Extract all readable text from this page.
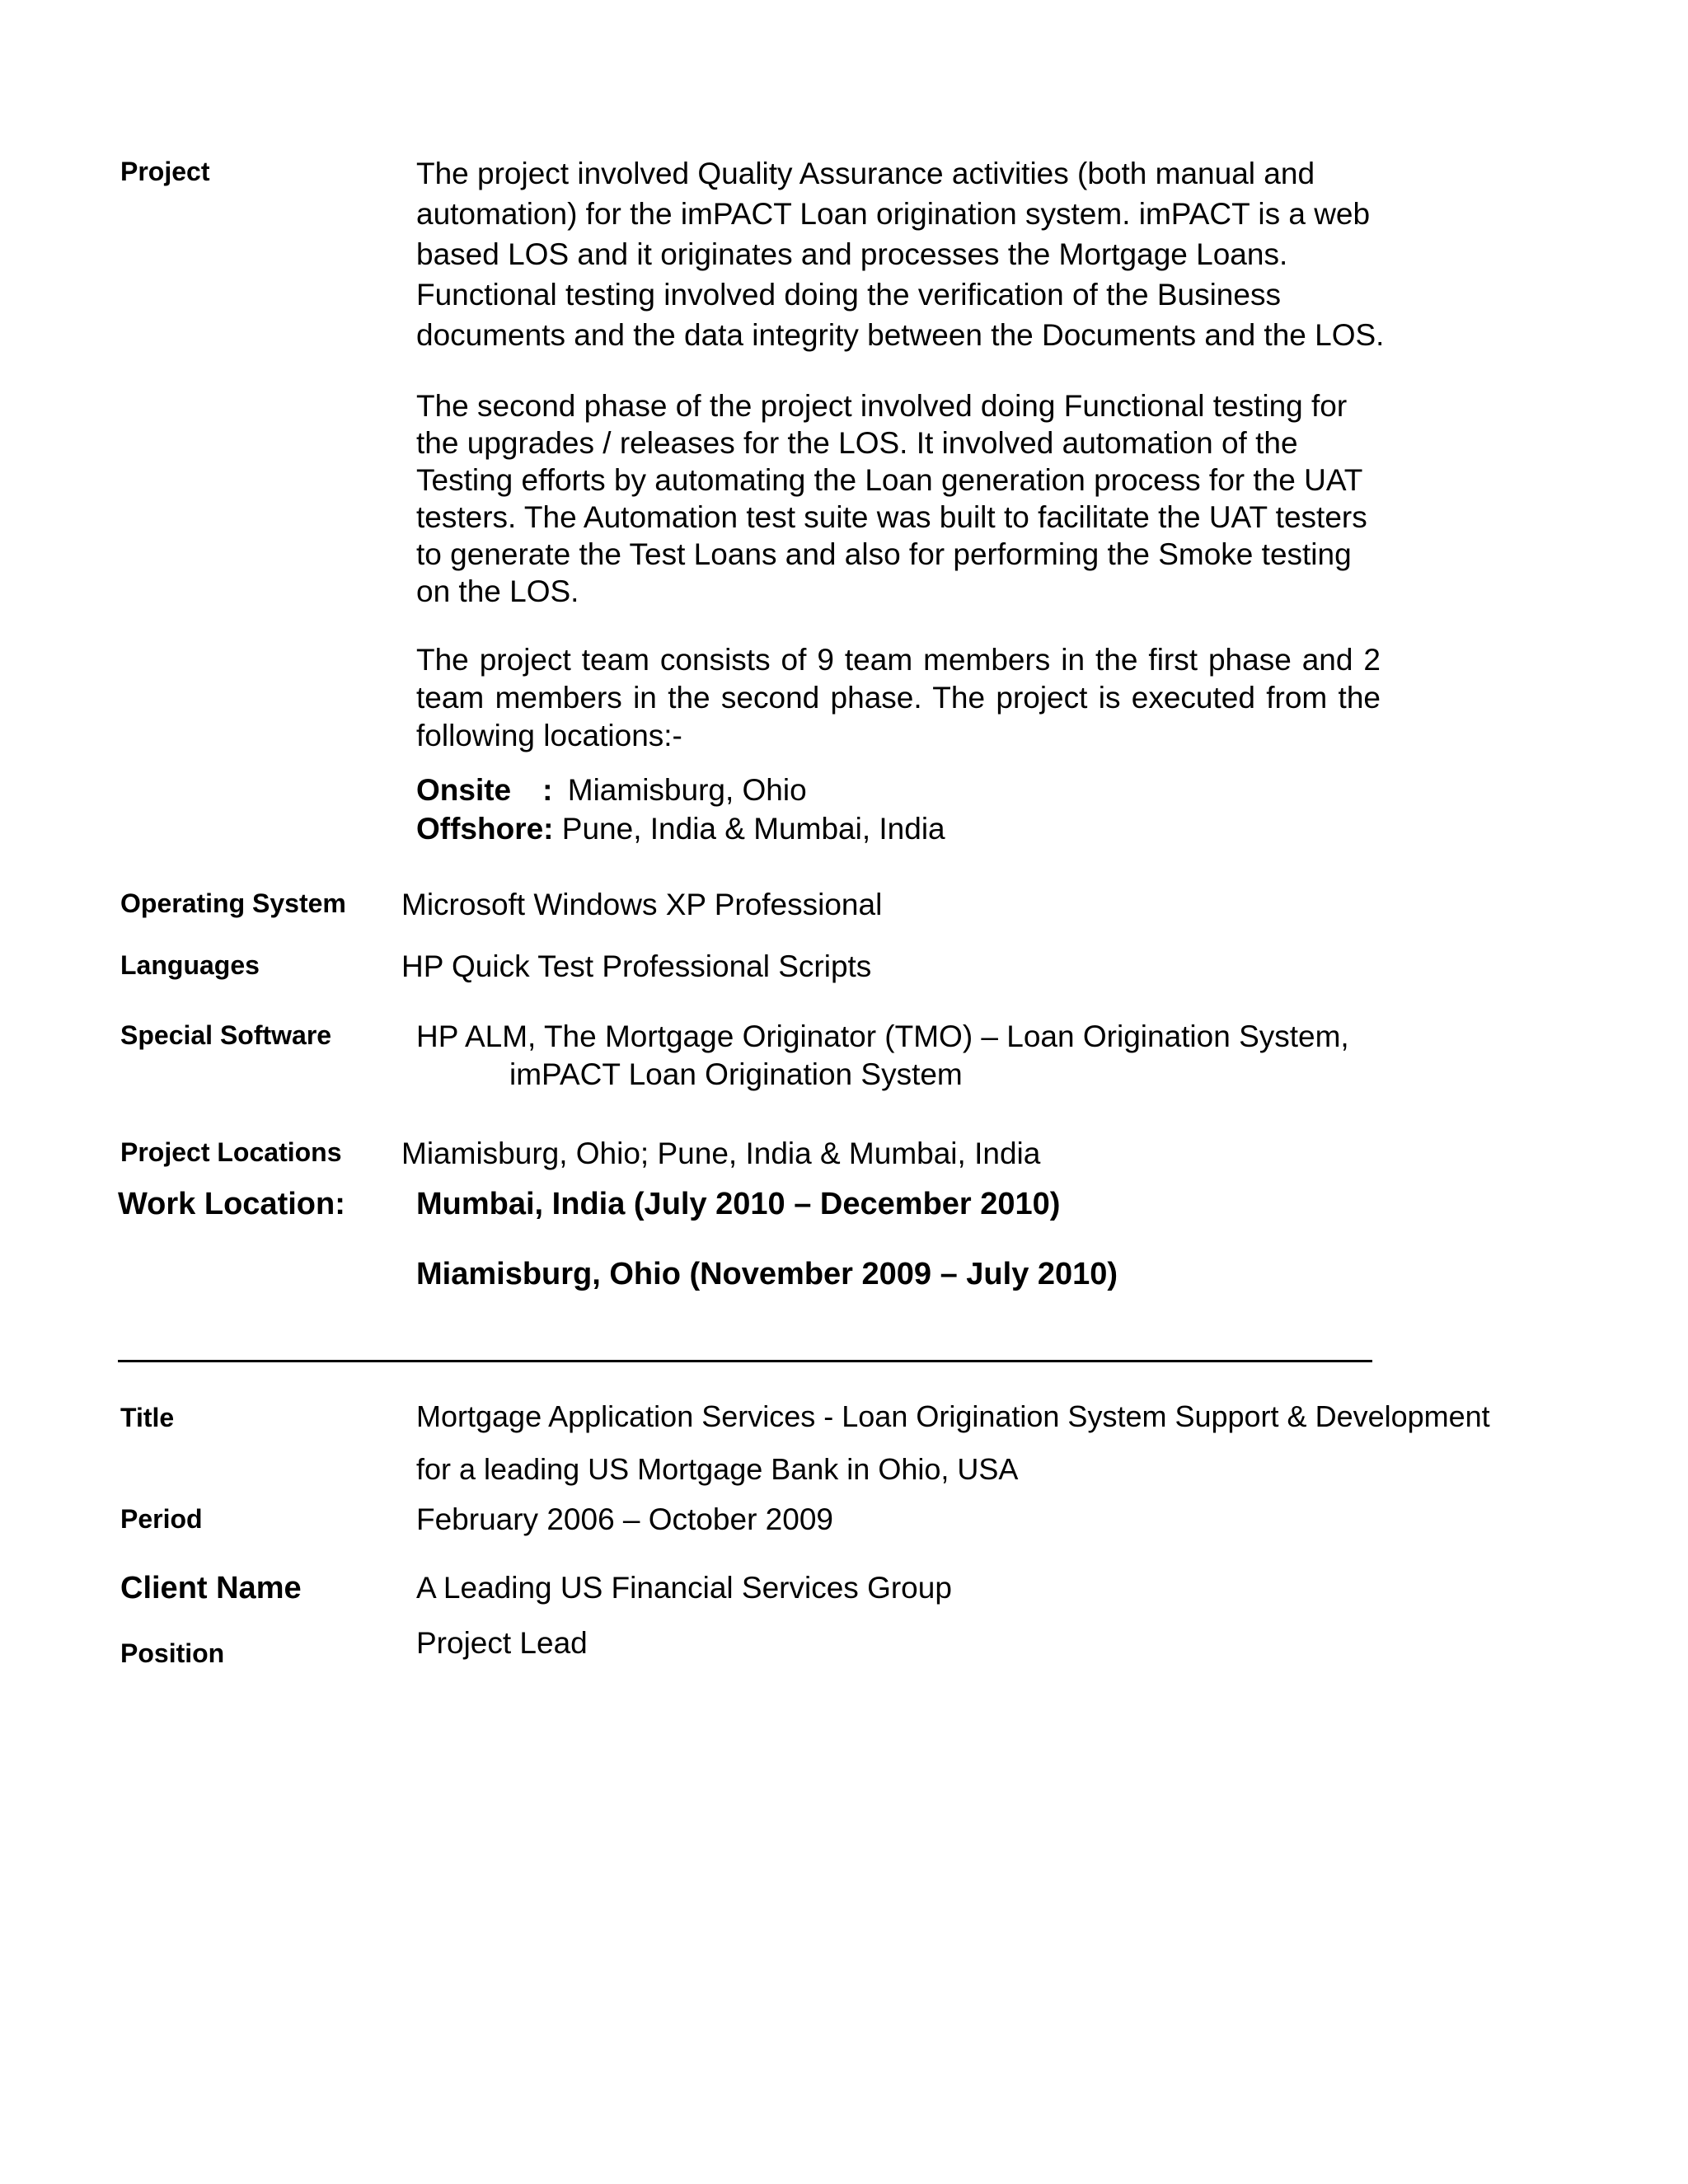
Project	The project involved Quality Assurance activities (both manual and
automation) for the imPACT Loan origination system. imPACT is a web
based LOS and it originates and processes the Mortgage Loans.
Functional testing involved doing the verification of the Business
documents and the data integrity between the Documents and the LOS.
The second phase of the project involved doing Functional testing for
the upgrades / releases for the LOS. It involved automation of the
Testing efforts by automating the Loan generation process for the UAT
testers. The Automation test suite was built to facilitate the UAT testers
to generate the Test Loans and also for performing the Smoke testing
on the LOS.
The project team consists of 9 team members in the first phase and 2 team members in the second phase. The project is executed from the following locations:-
Onsite : Miamisburg, Ohio
Offshore: Pune, India & Mumbai, India
Operating System Microsoft Windows XP Professional
Languages	HP Quick Test Professional Scripts
Special Software	HP ALM, The Mortgage Originator (TMO) – Loan Origination System,
imPACT Loan Origination System
Project Locations Miamisburg, Ohio; Pune, India & Mumbai, India
Work Location: Mumbai, India (July 2010 – December 2010)
Miamisburg, Ohio (November 2009 – July 2010)
Title	Mortgage Application Services - Loan Origination System Support & Development
for a leading US Mortgage Bank in Ohio, USA
Period	February 2006 – October 2009
Client Name	A Leading US Financial Services Group
Position	Project Lead
